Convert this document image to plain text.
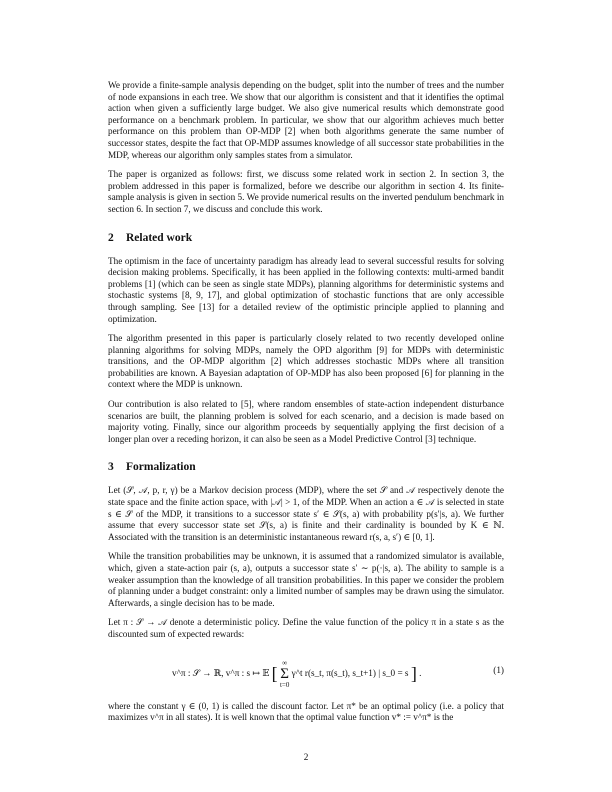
We provide a finite-sample analysis depending on the budget, split into the number of trees and the number of node expansions in each tree. We show that our algorithm is consistent and that it identifies the optimal action when given a sufficiently large budget. We also give numerical results which demonstrate good performance on a benchmark problem. In particular, we show that our algorithm achieves much better performance on this problem than OP-MDP [2] when both algorithms generate the same number of successor states, despite the fact that OP-MDP assumes knowledge of all successor state probabilities in the MDP, whereas our algorithm only samples states from a simulator.

The paper is organized as follows: first, we discuss some related work in section 2. In section 3, the problem addressed in this paper is formalized, before we describe our algorithm in section 4. Its finite-sample analysis is given in section 5. We provide numerical results on the inverted pendulum benchmark in section 6. In section 7, we discuss and conclude this work.

2 Related work

The optimism in the face of uncertainty paradigm has already lead to several successful results for solving decision making problems. Specifically, it has been applied in the following contexts: multi-armed bandit problems [1] (which can be seen as single state MDPs), planning algorithms for deterministic systems and stochastic systems [8, 9, 17], and global optimization of stochastic functions that are only accessible through sampling. See [13] for a detailed review of the optimistic principle applied to planning and optimization.

The algorithm presented in this paper is particularly closely related to two recently developed online planning algorithms for solving MDPs, namely the OPD algorithm [9] for MDPs with deterministic transitions, and the OP-MDP algorithm [2] which addresses stochastic MDPs where all transition probabilities are known. A Bayesian adaptation of OP-MDP has also been proposed [6] for planning in the context where the MDP is unknown.

Our contribution is also related to [5], where random ensembles of state-action independent disturbance scenarios are built, the planning problem is solved for each scenario, and a decision is made based on majority voting. Finally, since our algorithm proceeds by sequentially applying the first decision of a longer plan over a receding horizon, it can also be seen as a Model Predictive Control [3] technique.

3 Formalization

Let (𝒮, 𝒜, p, r, γ) be a Markov decision process (MDP), where the set 𝒮 and 𝒜 respectively denote the state space and the finite action space, with |𝒜| > 1, of the MDP. When an action a ∈ 𝒜 is selected in state s ∈ 𝒮 of the MDP, it transitions to a successor state s′ ∈ 𝒮(s, a) with probability p(s′|s, a). We further assume that every successor state set 𝒮(s, a) is finite and their cardinality is bounded by K ∈ ℕ. Associated with the transition is an deterministic instantaneous reward r(s, a, s′) ∈ [0, 1].

While the transition probabilities may be unknown, it is assumed that a randomized simulator is available, which, given a state-action pair (s, a), outputs a successor state s′ ∼ p(·|s, a). The ability to sample is a weaker assumption than the knowledge of all transition probabilities. In this paper we consider the problem of planning under a budget constraint: only a limited number of samples may be drawn using the simulator. Afterwards, a single decision has to be made.

Let π : 𝒮 → 𝒜 denote a deterministic policy. Define the value function of the policy π in a state s as the discounted sum of expected rewards:

v^π : 𝒮 → ℝ, v^π : s ↦ 𝔼 [ ∞
Σ
t=0 γ^t r(s_t, π(s_t), s_t+1) | s_0 = s ] .	(1)

where the constant γ ∈ (0, 1) is called the discount factor. Let π* be an optimal policy (i.e. a policy that maximizes v^π in all states). It is well known that the optimal value function v* := v^π* is the

2
